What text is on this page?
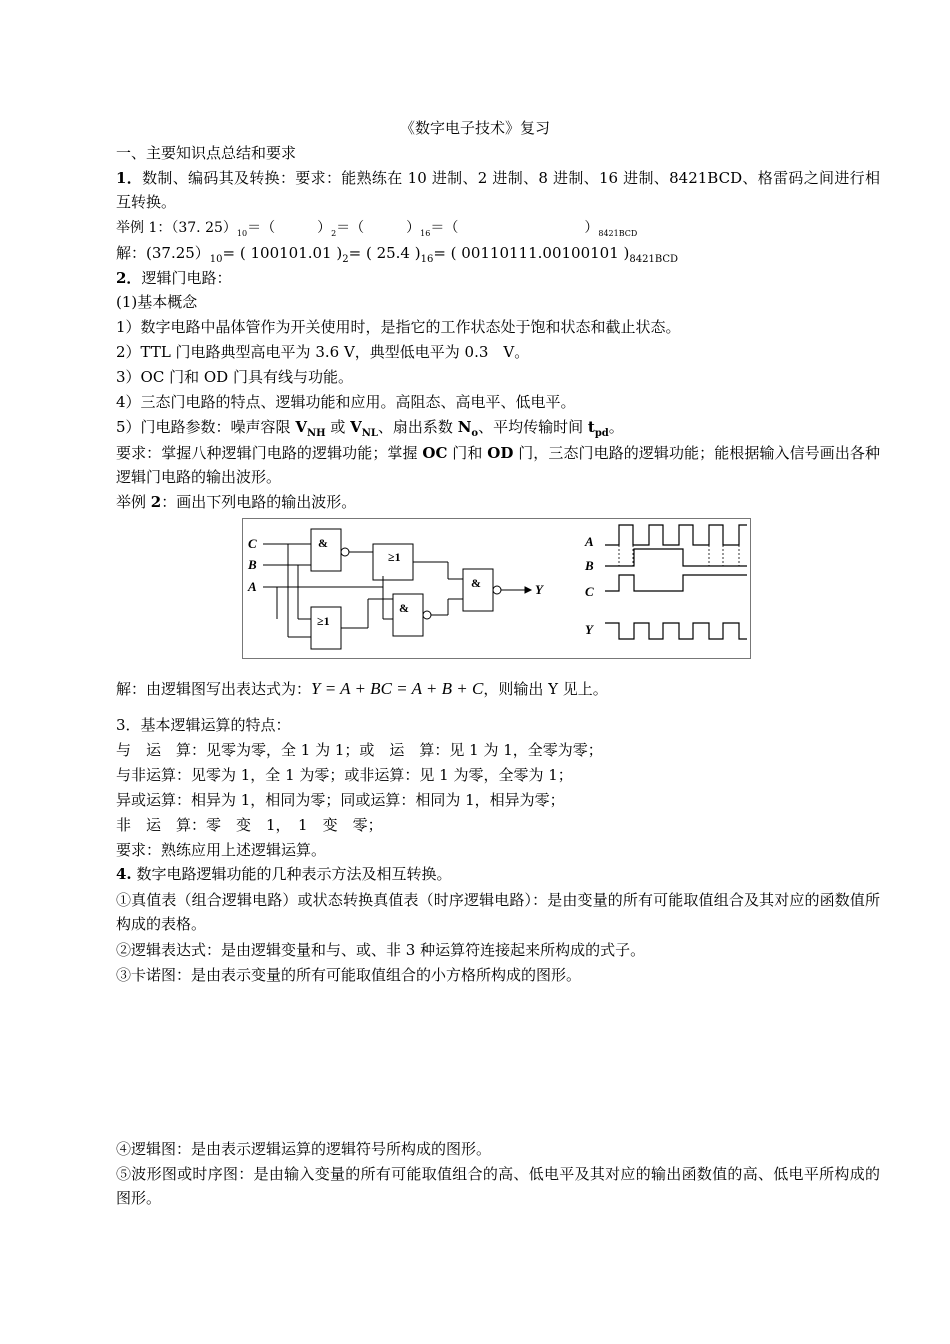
《数字电子技术》复习
一、主要知识点总结和要求
1．数制、编码其及转换：要求：能熟练在 10 进制、2 进制、8 进制、16 进制、8421BCD、格雷码之间进行相互转换。
举例 1：（37. $25)_{10}=$（　　　）$_2=$（　　　）$_{16}=$（　　　　　　　　　）$_{8421BCD}$
解：$(37.25)_{10}=$ ( 100101.01 )$_2=$ ( 25.4 )$_{16}=$ ( 00110111.00100101 )$_{8421BCD}$
2．逻辑门电路：
(1)基本概念
1）数字电路中晶体管作为开关使用时，是指它的工作状态处于饱和状态和截止状态。
2）TTL 门电路典型高电平为 3.6 V，典型低电平为 0.3　V。
3）OC 门和 OD 门具有线与功能。
4）三态门电路的特点、逻辑功能和应用。高阻态、高电平、低电平。
5）门电路参数：噪声容限 $V_{NH}$ 或 $V_{NL}$、扇出系数 $N_o$、平均传输时间 $t_{pd}$。
要求：掌握八种逻辑门电路的逻辑功能；掌握 OC 门和 OD 门，三态门电路的逻辑功能；能根据输入信号画出各种逻辑门电路的输出波形。
举例 2：画出下列电路的输出波形。
C
B
A	Y
&
≥1
≥1
&
&
A
B
C
Y
解：由逻辑图写出表达式为：Y = A + BC = A + B + C，则输出 Y 见上。
3．基本逻辑运算的特点：
与　运　算：见零为零，全 1 为 1；或　运　算：见 1 为 1，全零为零；
与非运算：见零为 1，全 1 为零；或非运算：见 1 为零，全零为 1；
异或运算：相异为 1，相同为零；同或运算：相同为 1，相异为零；
非　运　算：零　变　1，　1　变　零；
要求：熟练应用上述逻辑运算。
4. 数字电路逻辑功能的几种表示方法及相互转换。
①真值表（组合逻辑电路）或状态转换真值表（时序逻辑电路）：是由变量的所有可能取值组合及其对应的函数值所构成的表格。
②逻辑表达式：是由逻辑变量和与、或、非 3 种运算符连接起来所构成的式子。
③卡诺图：是由表示变量的所有可能取值组合的小方格所构成的图形。
④逻辑图：是由表示逻辑运算的逻辑符号所构成的图形。
⑤波形图或时序图：是由输入变量的所有可能取值组合的高、低电平及其对应的输出函数值的高、低电平所构成的图形。
